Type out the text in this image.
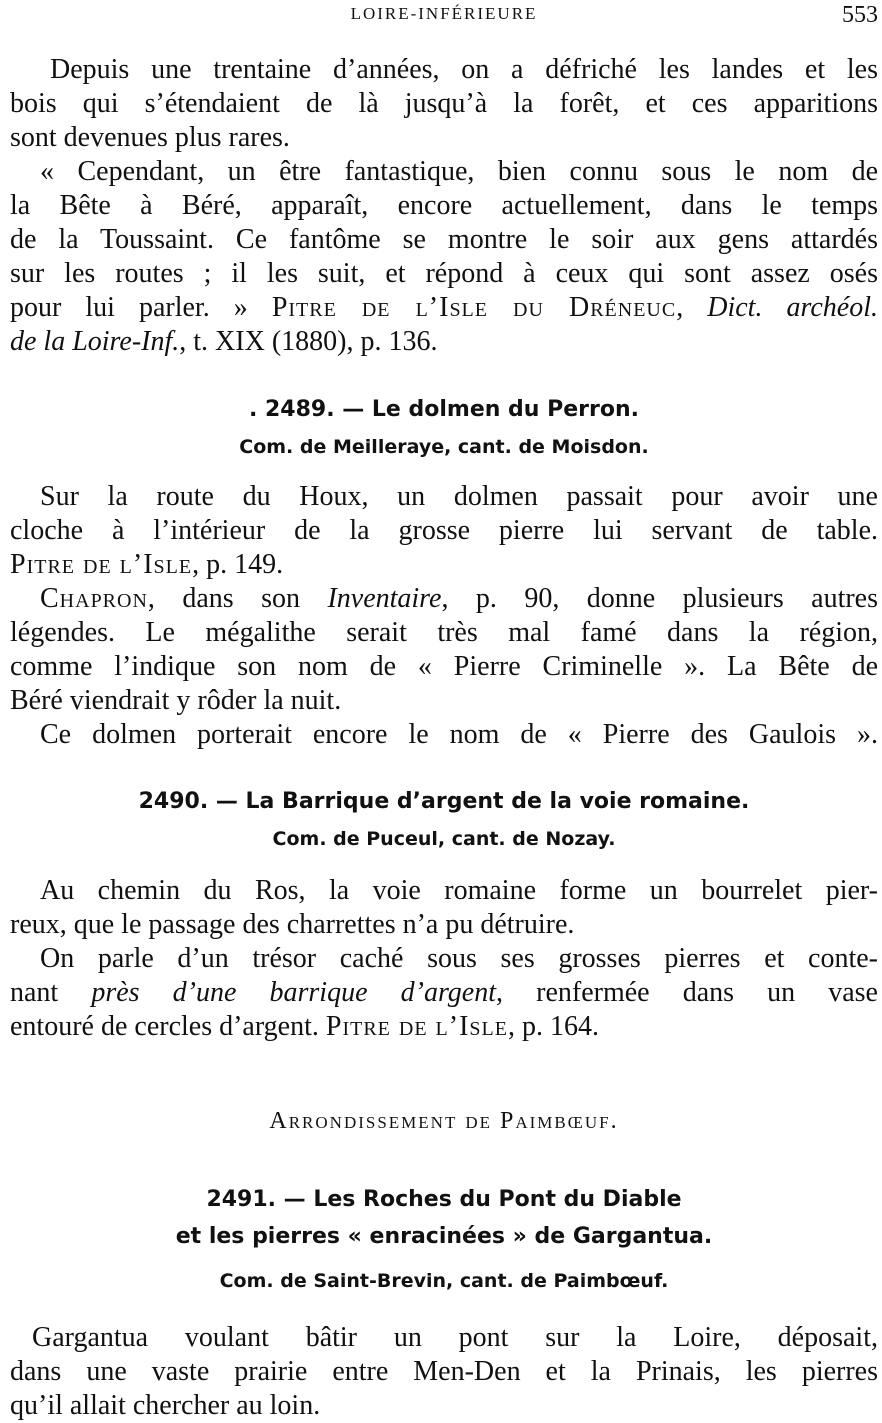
LOIRE-INFÉRIEURE	553
Depuis une trentaine d’années, on a défriché les landes et les
bois qui s’étendaient de là jusqu’à la forêt, et ces apparitions
sont devenues plus rares.
« Cependant, un être fantastique, bien connu sous le nom de
la Bête à Béré, apparaît, encore actuellement, dans le temps
de la Toussaint. Ce fantôme se montre le soir aux gens attardés
sur les routes ; il les suit, et répond à ceux qui sont assez osés
pour lui parler. » Pitre de l’Isle du Dréneuc, Dict. archéol.
de la Loire-Inf., t. XIX (1880), p. 136.
. 2489. — Le dolmen du Perron.
Com. de Meilleraye, cant. de Moisdon.
Sur la route du Houx, un dolmen passait pour avoir une
cloche à l’intérieur de la grosse pierre lui servant de table.
Pitre de l’Isle, p. 149.
Chapron, dans son Inventaire, p. 90, donne plusieurs autres
légendes. Le mégalithe serait très mal famé dans la région,
comme l’indique son nom de « Pierre Criminelle ». La Bête de
Béré viendrait y rôder la nuit.
Ce dolmen porterait encore le nom de « Pierre des Gaulois ».
2490. — La Barrique d’argent de la voie romaine.
Com. de Puceul, cant. de Nozay.
Au chemin du Ros, la voie romaine forme un bourrelet pier-
reux, que le passage des charrettes n’a pu détruire.
On parle d’un trésor caché sous ses grosses pierres et conte-
nant près d’une barrique d’argent, renfermée dans un vase
entouré de cercles d’argent. Pitre de l’Isle, p. 164.
Arrondissement de Paimbœuf.
2491. — Les Roches du Pont du Diable
et les pierres « enracinées » de Gargantua.
Com. de Saint-Brevin, cant. de Paimbœuf.
Gargantua voulant bâtir un pont sur la Loire, déposait,
dans une vaste prairie entre Men-Den et la Prinais, les pierres
qu’il allait chercher au loin.
